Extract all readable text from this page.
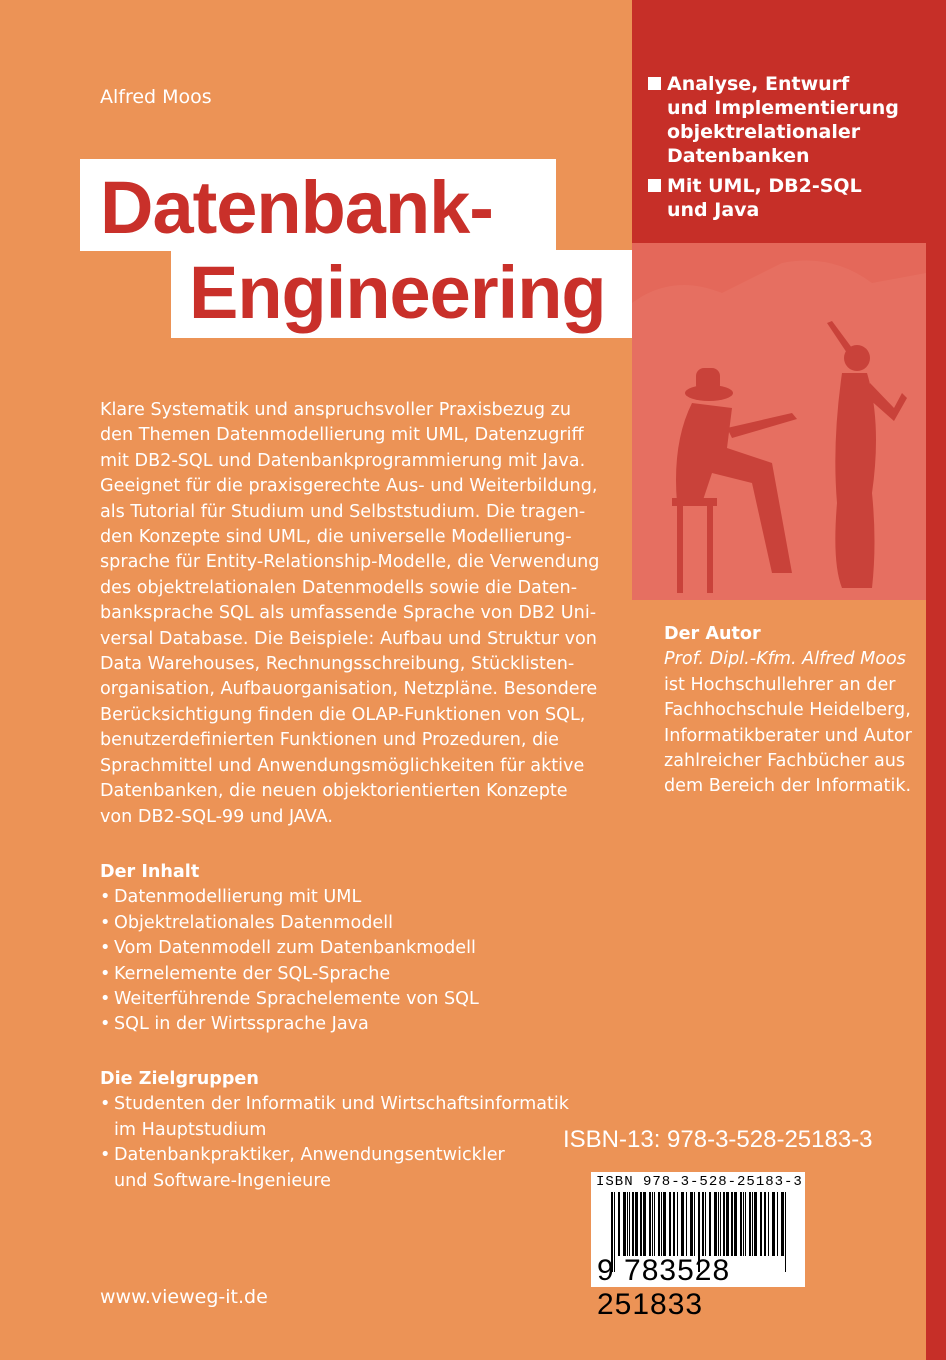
Alfred Moos
Datenbank-
Engineering
Analyse, Entwurf
und Implementierung
objektrelationaler
Datenbanken
Mit UML, DB2-SQL
und Java
Klare Systematik und anspruchsvoller Praxisbezug zu
den Themen Datenmodellierung mit UML, Datenzugriff
mit DB2-SQL und Datenbankprogrammierung mit Java.
Geeignet für die praxisgerechte Aus- und Weiterbildung,
als Tutorial für Studium und Selbststudium. Die tragen-
den Konzepte sind UML, die universelle Modellierung-
sprache für Entity-Relationship-Modelle, die Verwendung
des objektrelationalen Datenmodells sowie die Daten-
banksprache SQL als umfassende Sprache von DB2 Uni-
versal Database. Die Beispiele: Aufbau und Struktur von
Data Warehouses, Rechnungsschreibung, Stücklisten-
organisation, Aufbauorganisation, Netzpläne. Besondere
Berücksichtigung finden die OLAP-Funktionen von SQL,
benutzerdefinierten Funktionen und Prozeduren, die
Sprachmittel und Anwendungsmöglichkeiten für aktive
Datenbanken, die neuen objektorientierten Konzepte
von DB2-SQL-99 und JAVA.
Der Inhalt
• Datenmodellierung mit UML
• Objektrelationales Datenmodell
• Vom Datenmodell zum Datenbankmodell
• Kernelemente der SQL-Sprache
• Weiterführende Sprachelemente von SQL
• SQL in der Wirtssprache Java
Die Zielgruppen
• Studenten der Informatik und Wirtschaftsinformatik
im Hauptstudium
• Datenbankpraktiker, Anwendungsentwickler
und Software-Ingenieure
Der Autor
Prof. Dipl.-Kfm. Alfred Moos
ist Hochschullehrer an der
Fachhochschule Heidelberg,
Informatikberater und Autor
zahlreicher Fachbücher aus
dem Bereich der Informatik.
ISBN-13: 978-3-528-25183-3
ISBN 978-3-528-25183-3
9 783528 251833
www.vieweg-it.de
